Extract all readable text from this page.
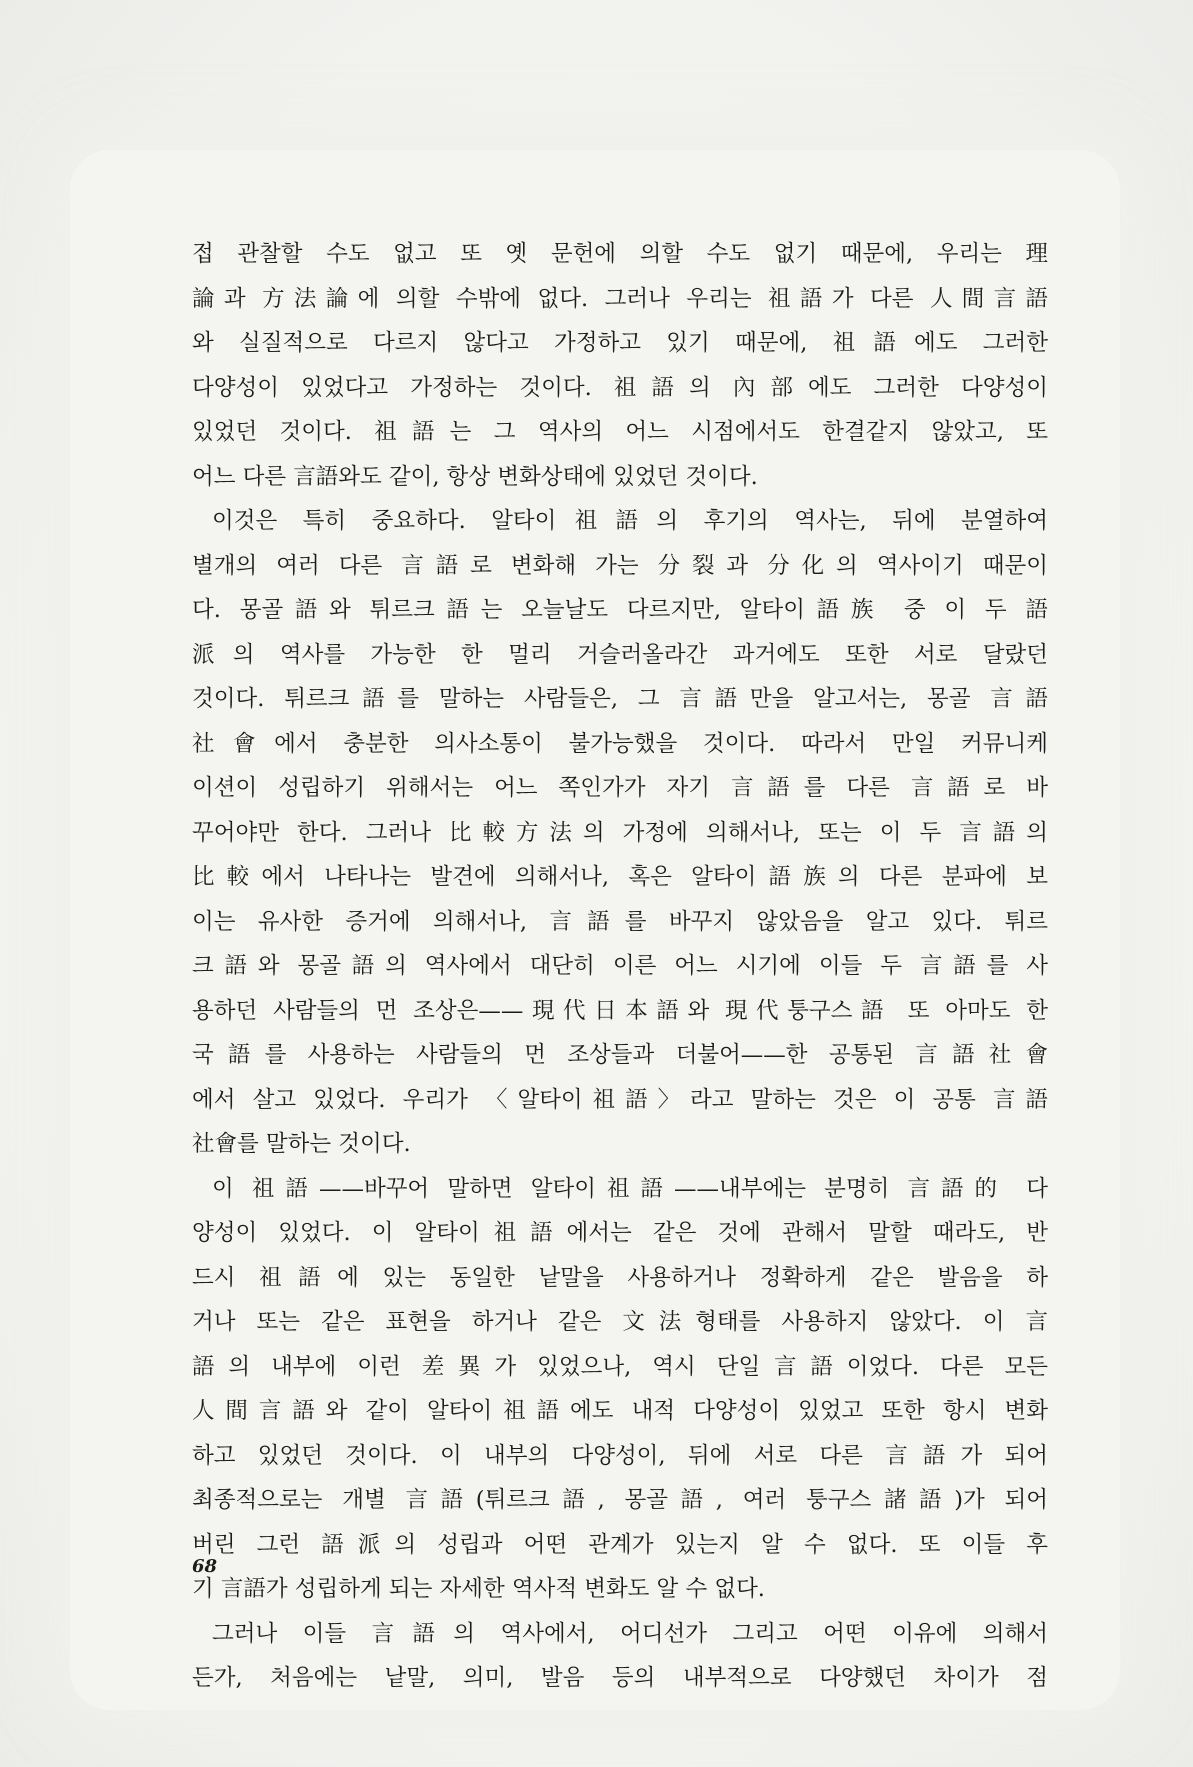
접 관찰할 수도 없고 또 옛 문헌에 의할 수도 없기 때문에, 우리는 理
論과 方法論에 의할 수밖에 없다. 그러나 우리는 祖語가 다른 人間言語
와 실질적으로 다르지 않다고 가정하고 있기 때문에, 祖語에도 그러한
다양성이 있었다고 가정하는 것이다. 祖語의 內部에도 그러한 다양성이
있었던 것이다. 祖語는 그 역사의 어느 시점에서도 한결같지 않았고, 또
어느 다른 言語와도 같이, 항상 변화상태에 있었던 것이다.
이것은 특히 중요하다. 알타이祖語의 후기의 역사는, 뒤에 분열하여
별개의 여러 다른 言語로 변화해 가는 分裂과 分化의 역사이기 때문이
다. 몽골語와 튀르크語는 오늘날도 다르지만, 알타이語族 중 이 두 語
派의 역사를 가능한 한 멀리 거슬러올라간 과거에도 또한 서로 달랐던
것이다. 튀르크語를 말하는 사람들은, 그 言語만을 알고서는, 몽골 言語
社會에서 충분한 의사소통이 불가능했을 것이다. 따라서 만일 커뮤니케
이션이 성립하기 위해서는 어느 쪽인가가 자기 言語를 다른 言語로 바
꾸어야만 한다. 그러나 比較方法의 가정에 의해서나, 또는 이 두 言語의
比較에서 나타나는 발견에 의해서나, 혹은 알타이語族의 다른 분파에 보
이는 유사한 증거에 의해서나, 言語를 바꾸지 않았음을 알고 있다. 튀르
크語와 몽골語의 역사에서 대단히 이른 어느 시기에 이들 두 言語를 사
용하던 사람들의 먼 조상은——現代日本語와 現代퉁구스語 또 아마도 한
국語를 사용하는 사람들의 먼 조상들과 더불어——한 공통된 言語社會
에서 살고 있었다. 우리가 〈알타이祖語〉라고 말하는 것은 이 공통 言語
社會를 말하는 것이다.
이 祖語——바꾸어 말하면 알타이祖語——내부에는 분명히 言語的 다
양성이 있었다. 이 알타이祖語에서는 같은 것에 관해서 말할 때라도, 반
드시 祖語에 있는 동일한 낱말을 사용하거나 정확하게 같은 발음을 하
거나 또는 같은 표현을 하거나 같은 文法형태를 사용하지 않았다. 이 言
語의 내부에 이런 差異가 있었으나, 역시 단일言語이었다. 다른 모든
人間言語와 같이 알타이祖語에도 내적 다양성이 있었고 또한 항시 변화
하고 있었던 것이다. 이 내부의 다양성이, 뒤에 서로 다른 言語가 되어
최종적으로는 개별 言語(튀르크語, 몽골語, 여러 퉁구스諸語)가 되어
버린 그런 語派의 성립과 어떤 관계가 있는지 알 수 없다. 또 이들 후
기 言語가 성립하게 되는 자세한 역사적 변화도 알 수 없다.
그러나 이들 言語의 역사에서, 어디선가 그리고 어떤 이유에 의해서
든가, 처음에는 낱말, 의미, 발음 등의 내부적으로 다양했던 차이가 점
68
